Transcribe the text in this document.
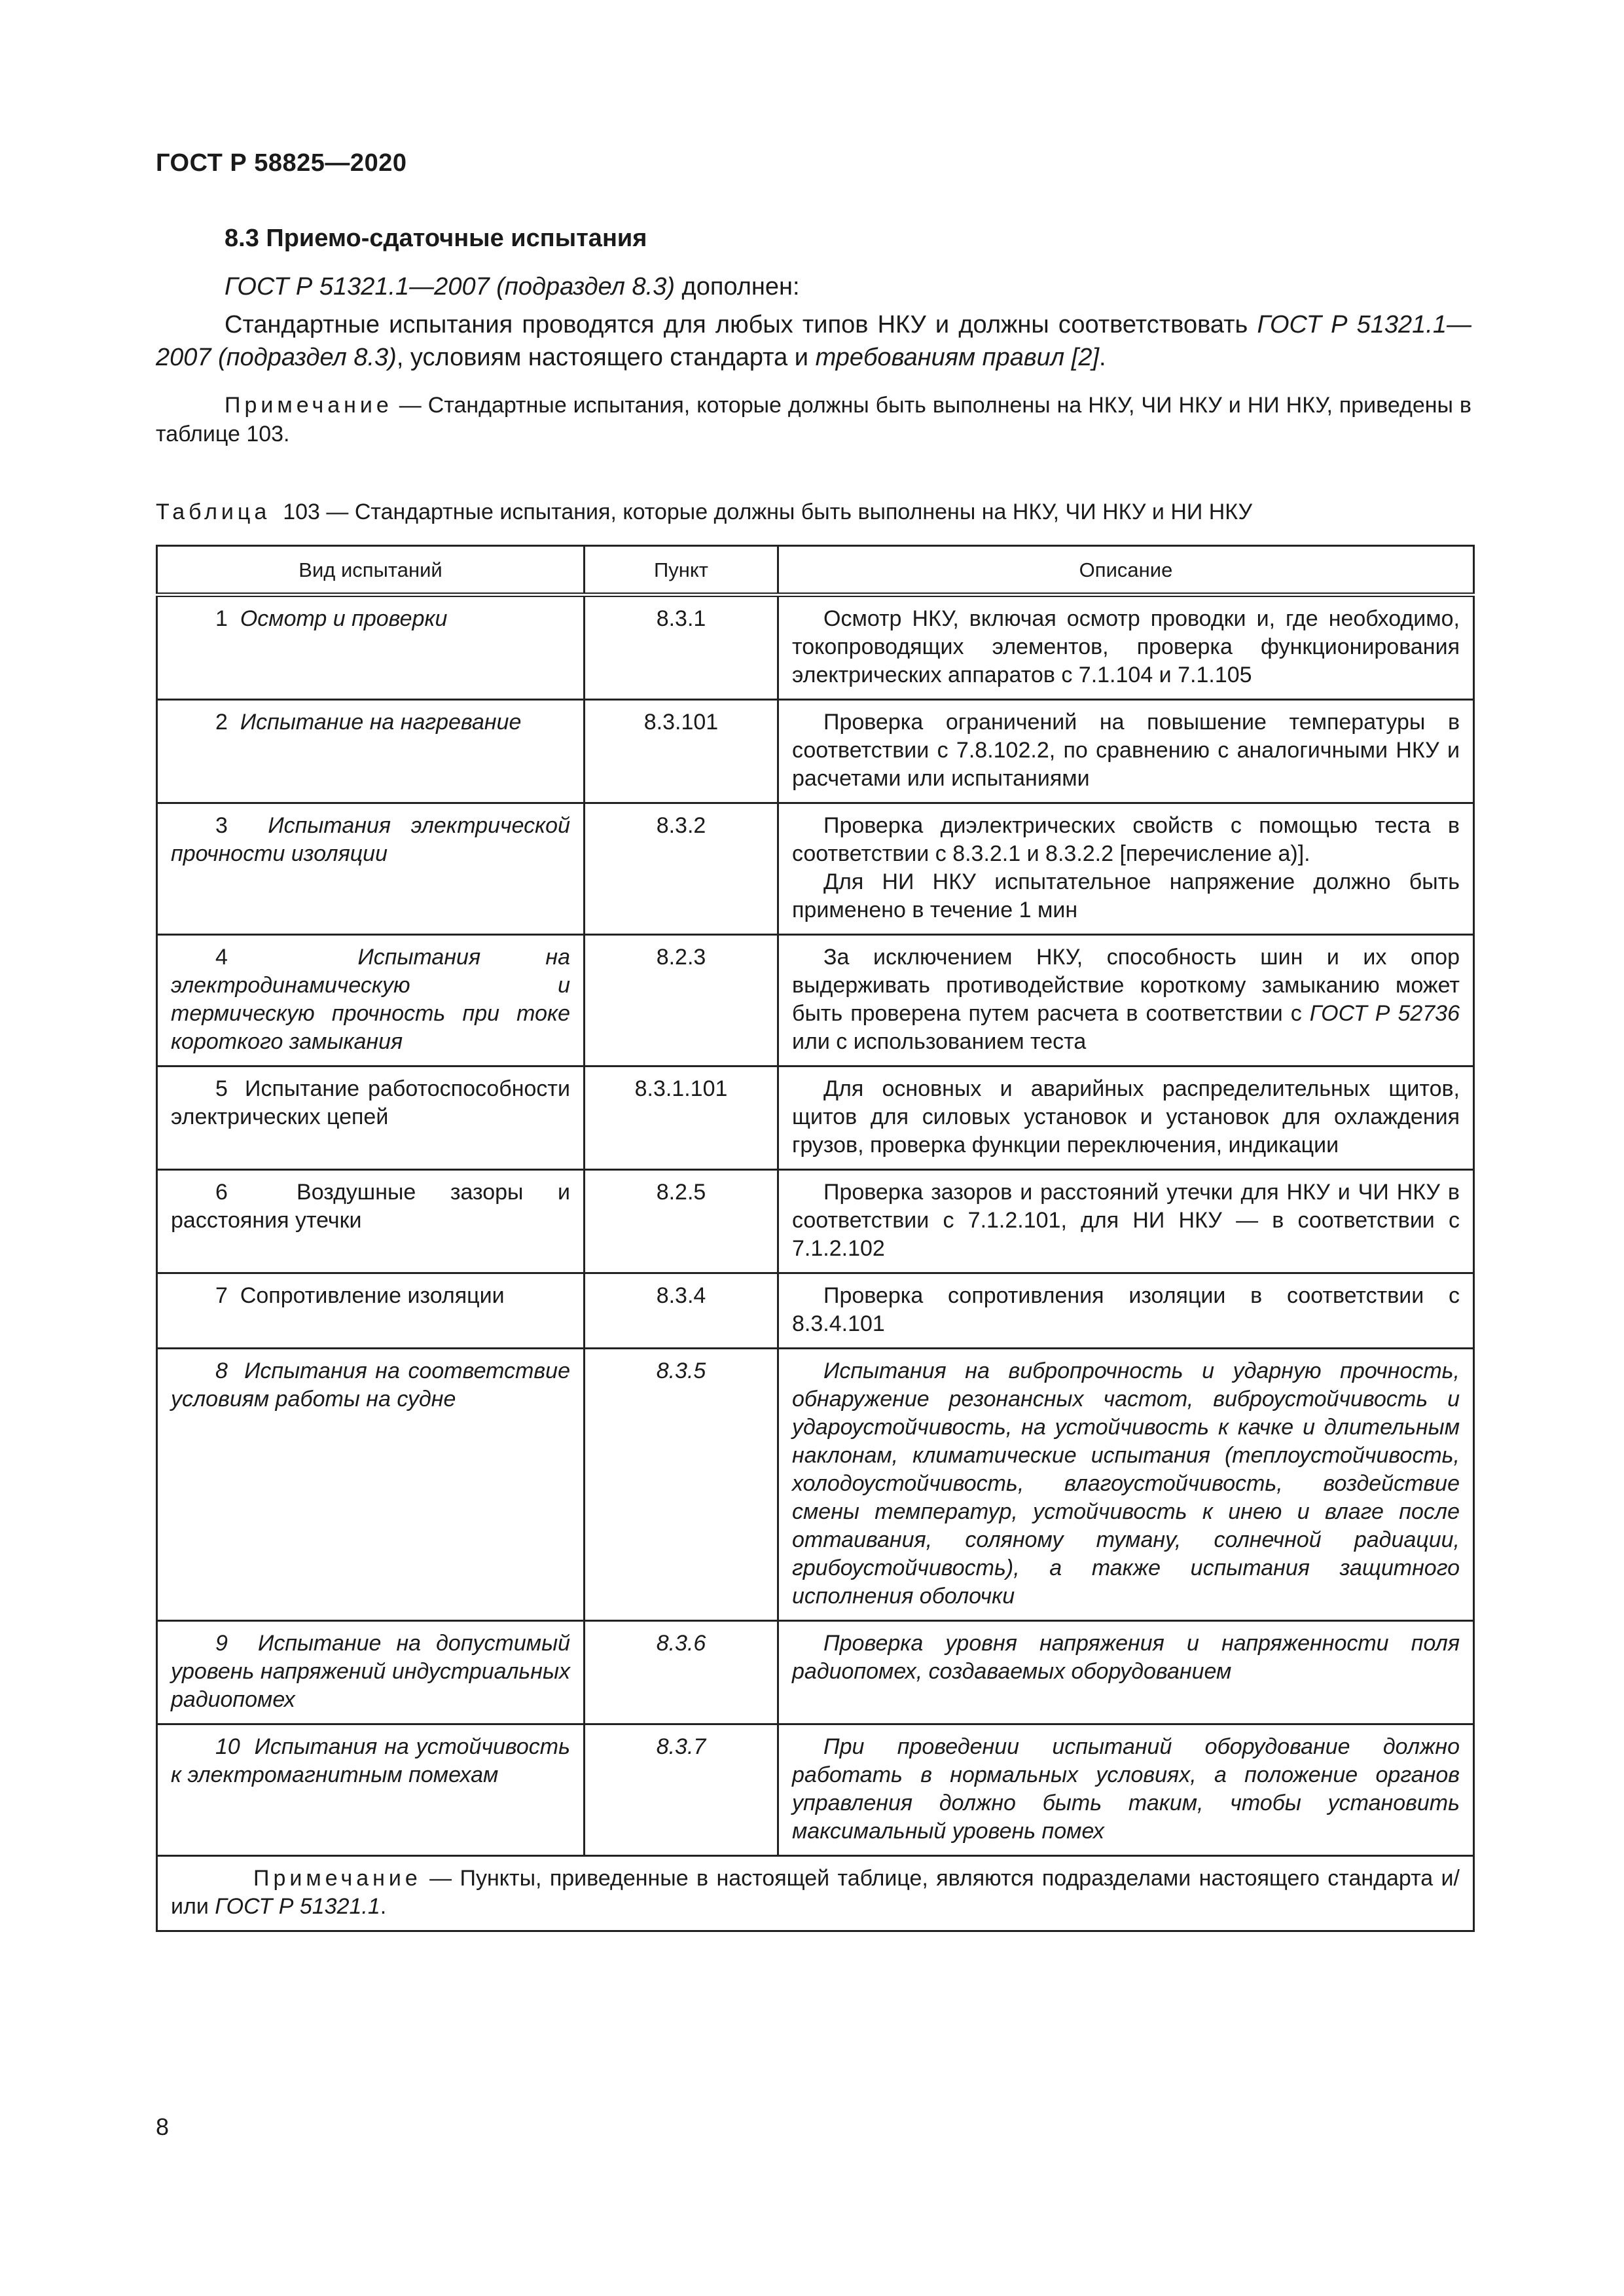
ГОСТ Р 58825—2020
8.3 Приемо-сдаточные испытания
ГОСТ Р 51321.1—2007 (подраздел 8.3) дополнен:
Стандартные испытания проводятся для любых типов НКУ и должны соответствовать ГОСТ Р 51321.1—2007 (подраздел 8.3), условиям настоящего стандарта и требованиям правил [2].
Примечание — Стандартные испытания, которые должны быть выполнены на НКУ, ЧИ НКУ и НИ НКУ, приведены в таблице 103.
Таблица 103 — Стандартные испытания, которые должны быть выполнены на НКУ, ЧИ НКУ и НИ НКУ
Вид испытаний	Пункт	Описание
1 Осмотр и проверки	8.3.1	Осмотр НКУ, включая осмотр проводки и, где необходимо, токопроводящих элементов, проверка функционирования электрических аппаратов с 7.1.104 и 7.1.105
2 Испытание на нагревание	8.3.101	Проверка ограничений на повышение температуры в соответствии с 7.8.102.2, по сравнению с аналогичными НКУ и расчетами или испытаниями
3 Испытания электрической прочности изоляции	8.3.2	Проверка диэлектрических свойств с помощью теста в соответствии с 8.3.2.1 и 8.3.2.2 [перечисление а)].
Для НИ НКУ испытательное напряжение должно быть применено в течение 1 мин

4 Испытания на электродинамическую и термическую прочность при токе короткого замыкания	8.2.3	За исключением НКУ, способность шин и их опор выдерживать противодействие короткому замыканию может быть проверена путем расчета в соответствии с ГОСТ Р 52736 или с использованием теста
5 Испытание работоспособности электрических цепей	8.3.1.101	Для основных и аварийных распределительных щитов, щитов для силовых установок и установок для охлаждения грузов, проверка функции переключения, индикации
6 Воздушные зазоры и расстояния утечки	8.2.5	Проверка зазоров и расстояний утечки для НКУ и ЧИ НКУ в соответствии с 7.1.2.101, для НИ НКУ — в соответствии с 7.1.2.102
7 Сопротивление изоляции	8.3.4	Проверка сопротивления изоляции в соответствии с 8.3.4.101
8 Испытания на соответствие условиям работы на судне	8.3.5	Испытания на вибропрочность и ударную прочность, обнаружение резонансных частот, виброустойчивость и удароустойчивость, на устойчивость к качке и длительным наклонам, климатические испытания (теплоустойчивость, холодоустойчивость, влагоустойчивость, воздействие смены температур, устойчивость к инею и влаге после оттаивания, соляному туману, солнечной радиации, грибоустойчивость), а также испытания защитного исполнения оболочки
9 Испытание на допустимый уровень напряжений индустриальных радиопомех	8.3.6	Проверка уровня напряжения и напряженности поля радиопомех, создаваемых оборудованием
10 Испытания на устойчивость к электромагнитным помехам	8.3.7	При проведении испытаний оборудование должно работать в нормальных условиях, а положение органов управления должно быть таким, чтобы установить максимальный уровень помех
Примечание — Пункты, приведенные в настоящей таблице, являются подразделами настоящего стандарта и/или ГОСТ Р 51321.1.		
8
